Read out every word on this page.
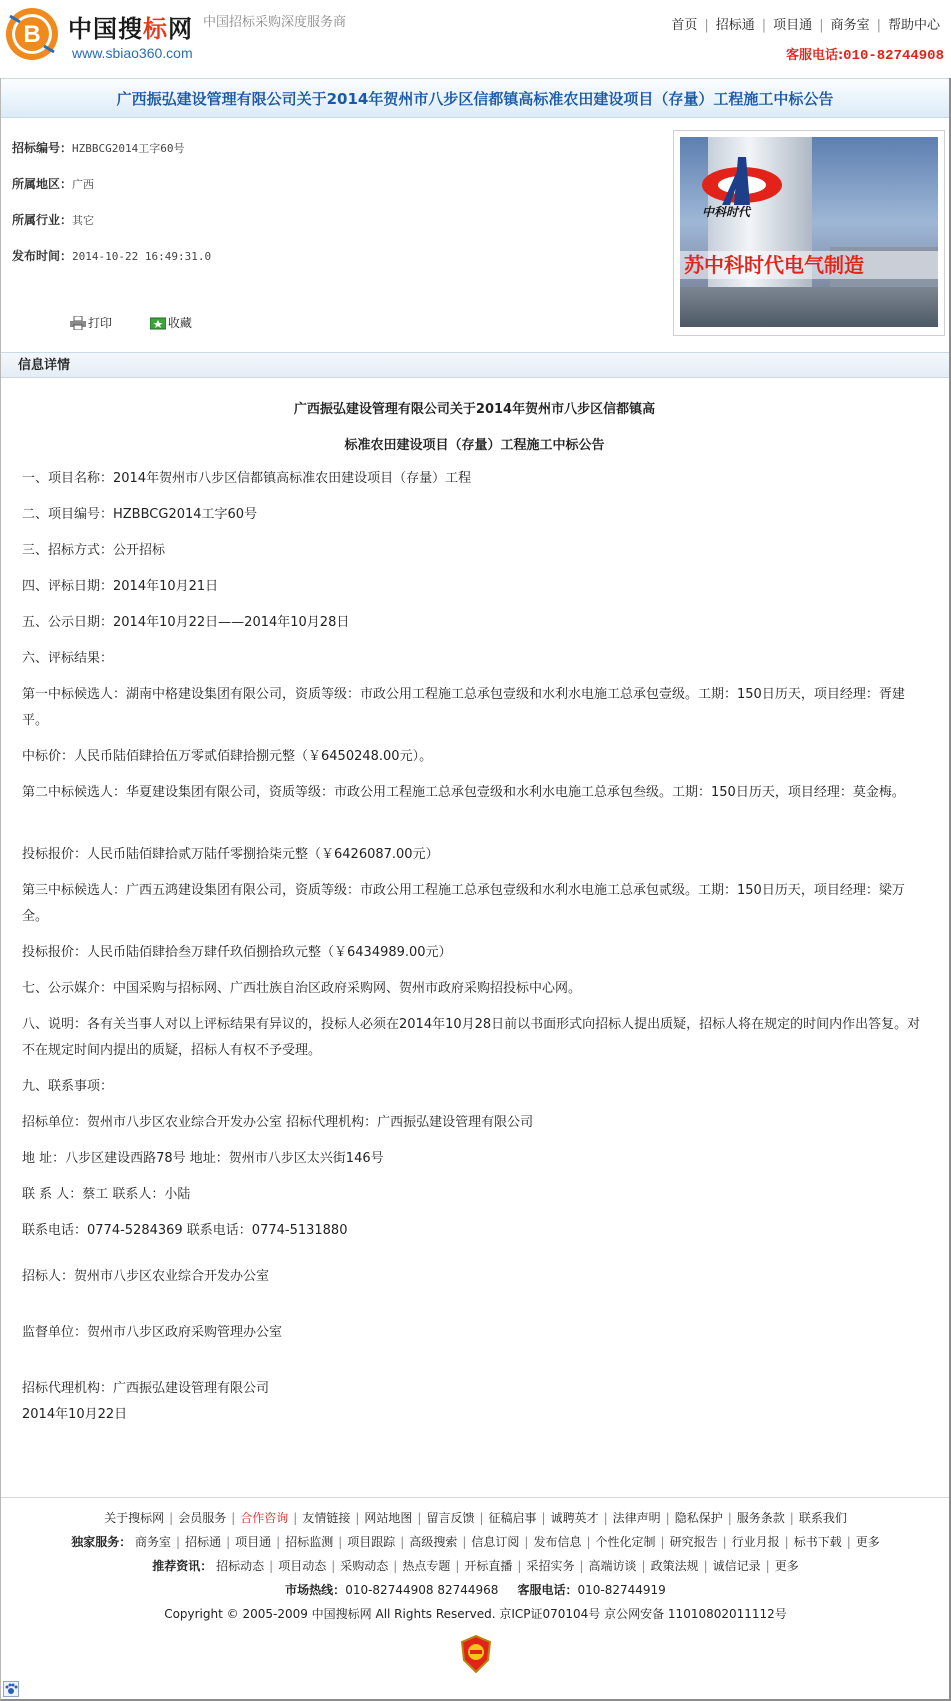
B 中国搜标网
www.sbiao360.com
中国招标采购深度服务商	首页 | 招标通 | 项目通 | 商务室 | 帮助中心
客服电话:010-82744908
广西振弘建设管理有限公司关于2014年贺州市八步区信都镇高标准农田建设项目（存量）工程施工中标公告
招标编号：HZBBCG2014工字60号
所属地区：广西
所属行业：其它
发布时间：2014-10-22 16:49:31.0
打印	收藏
中科时代
苏中科时代电气制造
信息详情
广西振弘建设管理有限公司关于2014年贺州市八步区信都镇高
标准农田建设项目（存量）工程施工中标公告
一、项目名称：2014年贺州市八步区信都镇高标准农田建设项目（存量）工程
二、项目编号：HZBBCG2014工字60号
三、招标方式：公开招标
四、评标日期：2014年10月21日
五、公示日期：2014年10月22日——2014年10月28日
六、评标结果：
第一中标候选人：湖南中格建设集团有限公司，资质等级：市政公用工程施工总承包壹级和水利水电施工总承包壹级。工期：150日历天，项目经理：胥建平。
中标价：人民币陆佰肆拾伍万零贰佰肆拾捌元整（￥6450248.00元）。
第二中标候选人：华夏建设集团有限公司，资质等级：市政公用工程施工总承包壹级和水利水电施工总承包叁级。工期：150日历天，项目经理：莫金梅。
投标报价：人民币陆佰肆拾贰万陆仟零捌拾柒元整（￥6426087.00元）
第三中标候选人：广西五鸿建设集团有限公司，资质等级：市政公用工程施工总承包壹级和水利水电施工总承包贰级。工期：150日历天，项目经理：梁万全。
投标报价：人民币陆佰肆拾叁万肆仟玖佰捌拾玖元整（￥6434989.00元）
七、公示媒介：中国采购与招标网、广西壮族自治区政府采购网、贺州市政府采购招投标中心网。
八、说明：各有关当事人对以上评标结果有异议的，投标人必须在2014年10月28日前以书面形式向招标人提出质疑，招标人将在规定的时间内作出答复。对不在规定时间内提出的质疑，招标人有权不予受理。
九、联系事项：
招标单位：贺州市八步区农业综合开发办公室 招标代理机构：广西振弘建设管理有限公司
地 址：八步区建设西路78号 地址：贺州市八步区太兴街146号
联 系 人：蔡工 联系人：小陆
联系电话：0774-5284369 联系电话：0774-5131880
招标人：贺州市八步区农业综合开发办公室
监督单位：贺州市八步区政府采购管理办公室
招标代理机构：广西振弘建设管理有限公司
2014年10月22日
关于搜标网 | 会员服务 | 合作咨询 | 友情链接 | 网站地图 | 留言反馈 | 征稿启事 | 诚聘英才 | 法律声明 | 隐私保护 | 服务条款 | 联系我们
独家服务： 商务室 | 招标通 | 项目通 | 招标监测 | 项目跟踪 | 高级搜索 | 信息订阅 | 发布信息 | 个性化定制 | 研究报告 | 行业月报 | 标书下载 | 更多
推荐资讯： 招标动态 | 项目动态 | 采购动态 | 热点专题 | 开标直播 | 采招实务 | 高端访谈 | 政策法规 | 诚信记录 | 更多
市场热线：010-82744908 82744968 客服电话：010-82744919
Copyright © 2005-2009 中国搜标网 All Rights Reserved. 京ICP证070104号 京公网安备 11010802011112号
